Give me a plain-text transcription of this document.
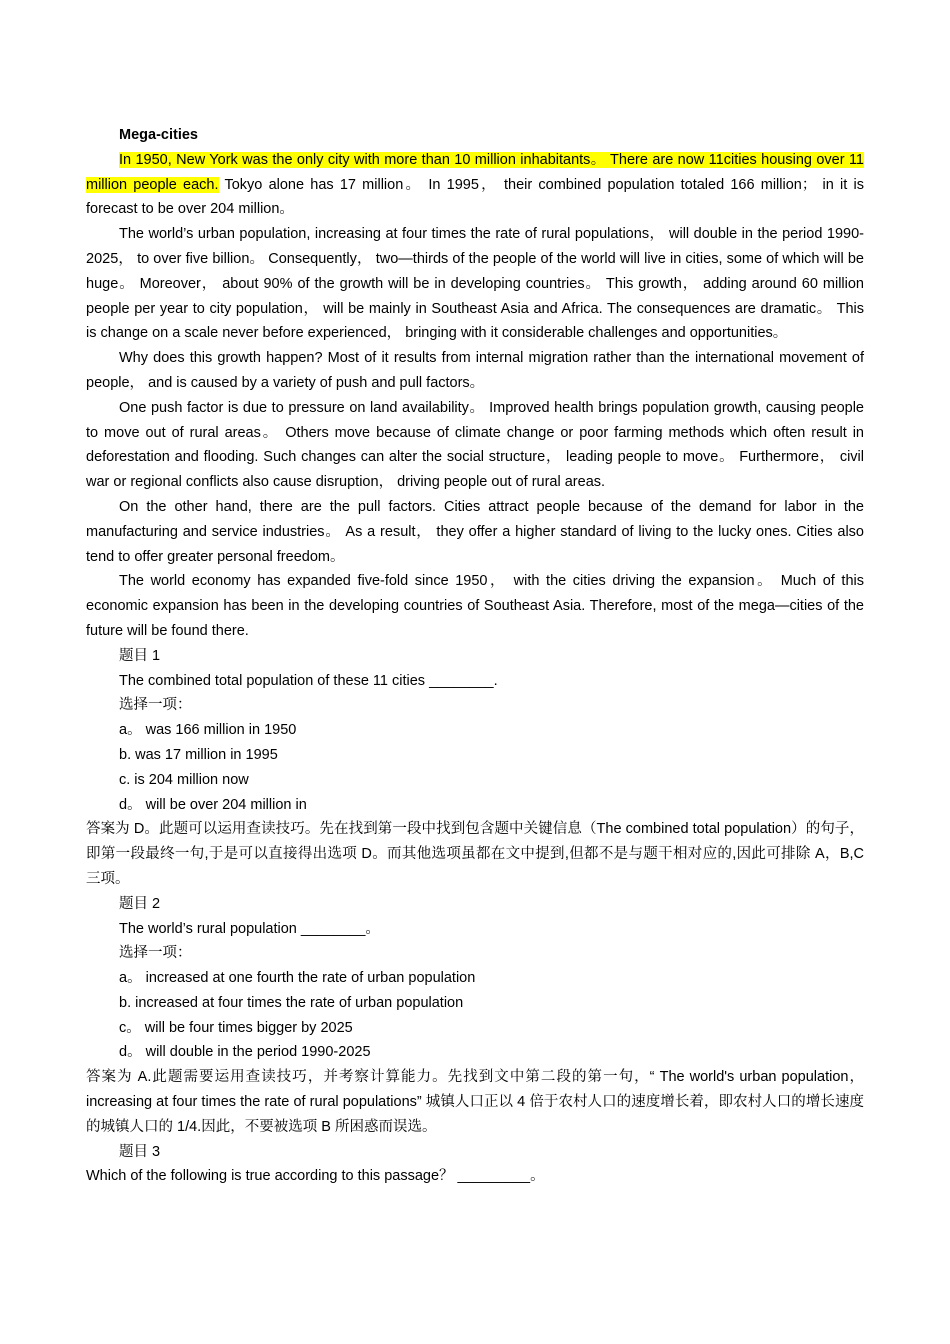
Mega-cities

In 1950, New York was the only city with more than 10 million inhabitants。 There are now 11cities housing over 11 million people each. Tokyo alone has 17 million。 In 1995， their combined population totaled 166 million； in it is forecast to be over 204 million。

The world’s urban population, increasing at four times the rate of rural populations， will double in the period 1990-2025， to over five billion。 Consequently， two—thirds of the people of the world will live in cities, some of which will be huge。 Moreover， about 90% of the growth will be in developing countries。 This growth， adding around 60 million people per year to city population， will be mainly in Southeast Asia and Africa. The consequences are dramatic。 This is change on a scale never before experienced， bringing with it considerable challenges and opportunities。

Why does this growth happen? Most of it results from internal migration rather than the international movement of people， and is caused by a variety of push and pull factors。

One push factor is due to pressure on land availability。 Improved health brings population growth, causing people to move out of rural areas。 Others move because of climate change or poor farming methods which often result in deforestation and flooding. Such changes can alter the social structure， leading people to move。 Furthermore， civil war or regional conflicts also cause disruption， driving people out of rural areas.

On the other hand, there are the pull factors. Cities attract people because of the demand for labor in the manufacturing and service industries。 As a result， they offer a higher standard of living to the lucky ones. Cities also tend to offer greater personal freedom。

The world economy has expanded five-fold since 1950， with the cities driving the expansion。 Much of this economic expansion has been in the developing countries of Southeast Asia. Therefore, most of the mega—cities of the future will be found there.

题目 1

The combined total population of these 11 cities ________.

选择一项：

a。 was 166 million in 1950

b. was 17 million in 1995

c. is 204 million now

d。 will be over 204 million in

答案为 D。此题可以运用查读技巧。先在找到第一段中找到包含题中关键信息（The combined total population）的句子，即第一段最终一句,于是可以直接得出选项 D。而其他选项虽都在文中提到,但都不是与题干相对应的,因此可排除 A，B,C 三项。

题目 2

The world’s rural population ________。

选择一项：

a。 increased at one fourth the rate of urban population

b. increased at four times the rate of urban population

c。 will be four times bigger by 2025

d。 will double in the period 1990-2025

答案为 A.此题需要运用查读技巧，并考察计算能力。先找到文中第二段的第一句，“ The world's urban population， increasing at four times the rate of rural populations” 城镇人口正以 4 倍于农村人口的速度增长着，即农村人口的增长速度的城镇人口的 1/4.因此，不要被选项 B 所困惑而误选。

题目 3

Which of the following is true according to this passage？ _________。
